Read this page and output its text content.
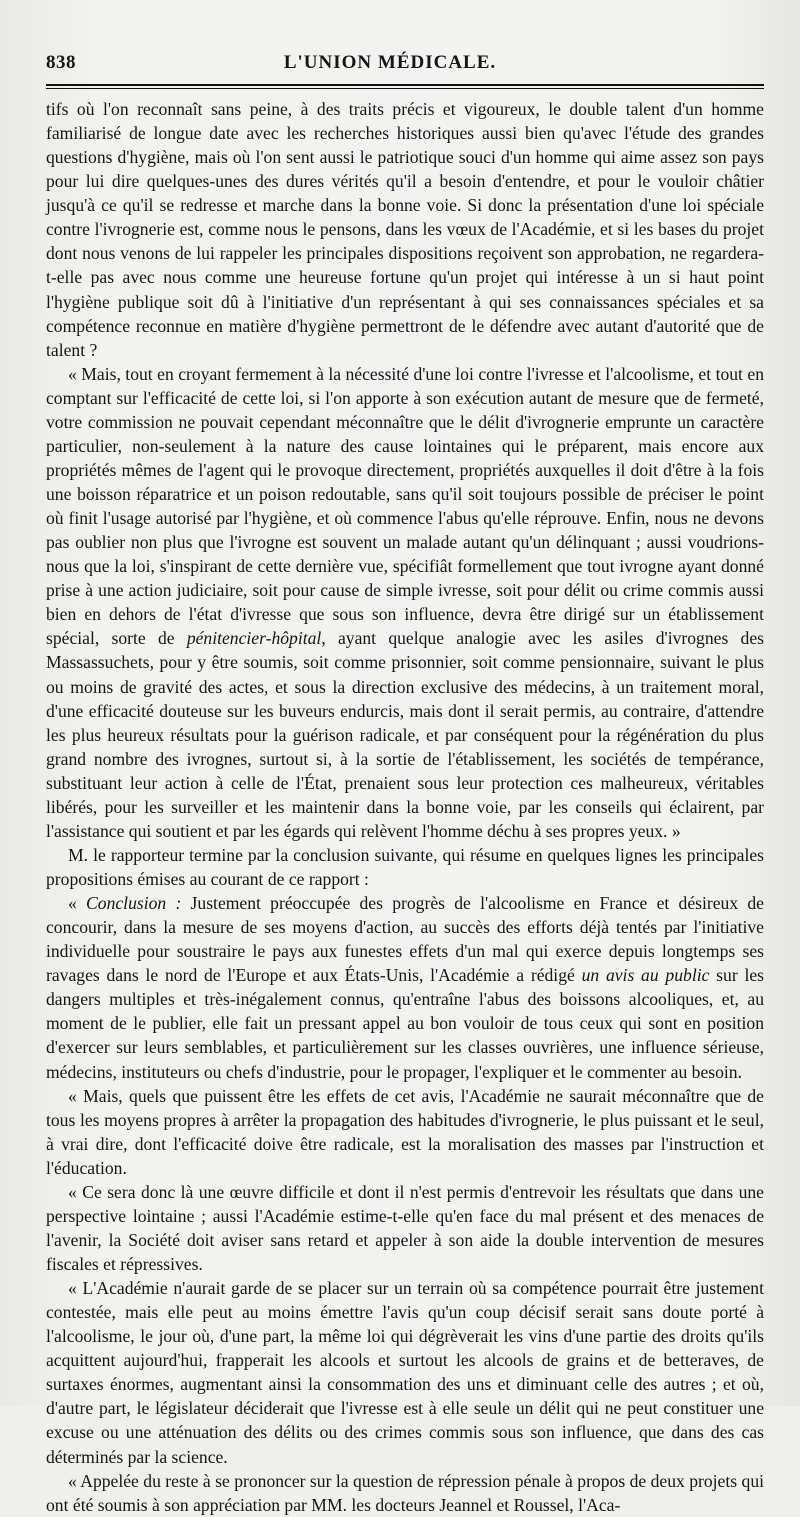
838	L'UNION MÉDICALE.

tifs où l'on reconnaît sans peine, à des traits précis et vigoureux, le double talent d'un homme familiarisé de longue date avec les recherches historiques aussi bien qu'avec l'étude des grandes questions d'hygiène, mais où l'on sent aussi le patriotique souci d'un homme qui aime assez son pays pour lui dire quelques-unes des dures vérités qu'il a besoin d'entendre, et pour le vouloir châtier jusqu'à ce qu'il se redresse et marche dans la bonne voie. Si donc la présentation d'une loi spéciale contre l'ivrognerie est, comme nous le pensons, dans les vœux de l'Académie, et si les bases du projet dont nous venons de lui rappeler les principales dispositions reçoivent son approbation, ne regardera-t-elle pas avec nous comme une heureuse fortune qu'un projet qui intéresse à un si haut point l'hygiène publique soit dû à l'initiative d'un représentant à qui ses connaissances spéciales et sa compétence reconnue en matière d'hygiène permettront de le défendre avec autant d'autorité que de talent ?

« Mais, tout en croyant fermement à la nécessité d'une loi contre l'ivresse et l'alcoolisme, et tout en comptant sur l'efficacité de cette loi, si l'on apporte à son exécution autant de mesure que de fermeté, votre commission ne pouvait cependant méconnaître que le délit d'ivrognerie emprunte un caractère particulier, non-seulement à la nature des cause lointaines qui le préparent, mais encore aux propriétés mêmes de l'agent qui le provoque directement, propriétés auxquelles il doit d'être à la fois une boisson réparatrice et un poison redoutable, sans qu'il soit toujours possible de préciser le point où finit l'usage autorisé par l'hygiène, et où commence l'abus qu'elle réprouve. Enfin, nous ne devons pas oublier non plus que l'ivrogne est souvent un malade autant qu'un délinquant ; aussi voudrions-nous que la loi, s'inspirant de cette dernière vue, spécifiât formellement que tout ivrogne ayant donné prise à une action judiciaire, soit pour cause de simple ivresse, soit pour délit ou crime commis aussi bien en dehors de l'état d'ivresse que sous son influence, devra être dirigé sur un établissement spécial, sorte de pénitencier-hôpital, ayant quelque analogie avec les asiles d'ivrognes des Massassuchets, pour y être soumis, soit comme prisonnier, soit comme pensionnaire, suivant le plus ou moins de gravité des actes, et sous la direction exclusive des médecins, à un traitement moral, d'une efficacité douteuse sur les buveurs endurcis, mais dont il serait permis, au contraire, d'attendre les plus heureux résultats pour la guérison radicale, et par conséquent pour la régénération du plus grand nombre des ivrognes, surtout si, à la sortie de l'établissement, les sociétés de tempérance, substituant leur action à celle de l'État, prenaient sous leur protection ces malheureux, véritables libérés, pour les surveiller et les maintenir dans la bonne voie, par les conseils qui éclairent, par l'assistance qui soutient et par les égards qui relèvent l'homme déchu à ses propres yeux. »

M. le rapporteur termine par la conclusion suivante, qui résume en quelques lignes les principales propositions émises au courant de ce rapport :

« Conclusion : Justement préoccupée des progrès de l'alcoolisme en France et désireux de concourir, dans la mesure de ses moyens d'action, au succès des efforts déjà tentés par l'initiative individuelle pour soustraire le pays aux funestes effets d'un mal qui exerce depuis longtemps ses ravages dans le nord de l'Europe et aux États-Unis, l'Académie a rédigé un avis au public sur les dangers multiples et très-inégalement connus, qu'entraîne l'abus des boissons alcooliques, et, au moment de le publier, elle fait un pressant appel au bon vouloir de tous ceux qui sont en position d'exercer sur leurs semblables, et particulièrement sur les classes ouvrières, une influence sérieuse, médecins, instituteurs ou chefs d'industrie, pour le propager, l'expliquer et le commenter au besoin.

« Mais, quels que puissent être les effets de cet avis, l'Académie ne saurait méconnaître que de tous les moyens propres à arrêter la propagation des habitudes d'ivrognerie, le plus puissant et le seul, à vrai dire, dont l'efficacité doive être radicale, est la moralisation des masses par l'instruction et l'éducation.

« Ce sera donc là une œuvre difficile et dont il n'est permis d'entrevoir les résultats que dans une perspective lointaine ; aussi l'Académie estime-t-elle qu'en face du mal présent et des menaces de l'avenir, la Société doit aviser sans retard et appeler à son aide la double intervention de mesures fiscales et répressives.

« L'Académie n'aurait garde de se placer sur un terrain où sa compétence pourrait être justement contestée, mais elle peut au moins émettre l'avis qu'un coup décisif serait sans doute porté à l'alcoolisme, le jour où, d'une part, la même loi qui dégrèverait les vins d'une partie des droits qu'ils acquittent aujourd'hui, frapperait les alcools et surtout les alcools de grains et de betteraves, de surtaxes énormes, augmentant ainsi la consommation des uns et diminuant celle des autres ; et où, d'autre part, le législateur déciderait que l'ivresse est à elle seule un délit qui ne peut constituer une excuse ou une atténuation des délits ou des crimes commis sous son influence, que dans des cas déterminés par la science.

« Appelée du reste à se prononcer sur la question de répression pénale à propos de deux projets qui ont été soumis à son appréciation par MM. les docteurs Jeannel et Roussel, l'Aca-
